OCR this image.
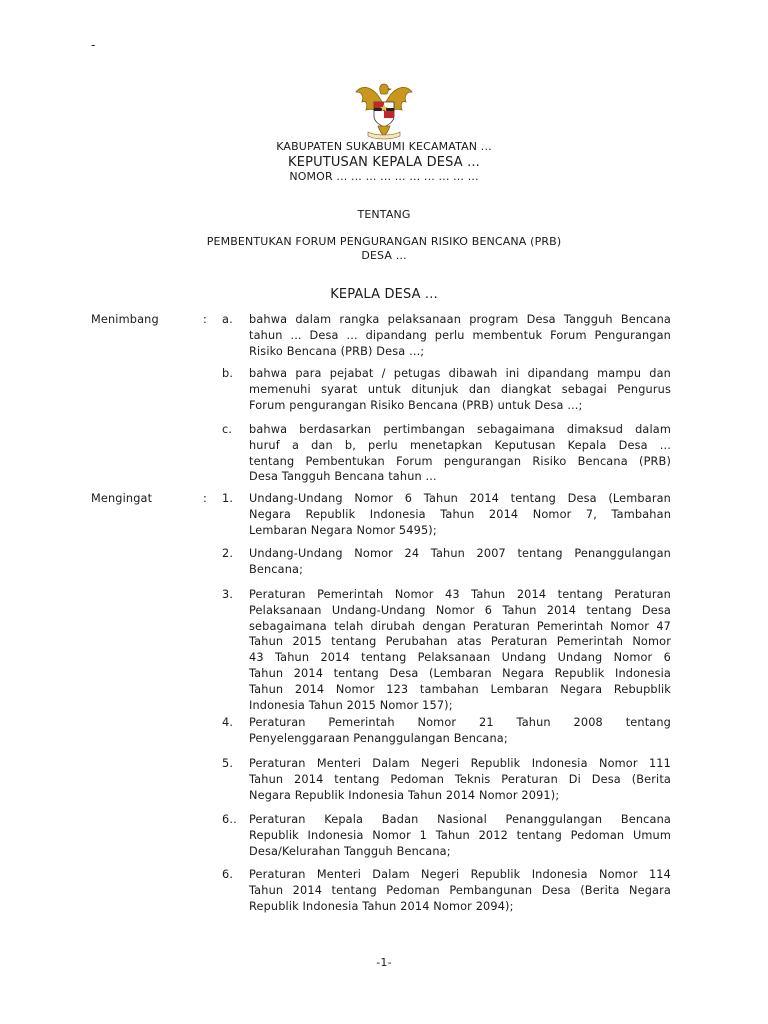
-
KABUPATEN SUKABUMI KECAMATAN ...
KEPUTUSAN KEPALA DESA ...
NOMOR ... ... ... ... ... ... ... ... ... ...
TENTANG
PEMBENTUKAN FORUM PENGURANGAN RISIKO BENCANA (PRB)
DESA ...
KEPALA DESA ...
Menimbang	: a. bahwa dalam rangka pelaksanaan program Desa Tangguh Bencana
tahun ... Desa ... dipandang perlu membentuk Forum Pengurangan
Risiko Bencana (PRB) Desa ...;
b. bahwa para pejabat / petugas dibawah ini dipandang mampu dan
memenuhi syarat untuk ditunjuk dan diangkat sebagai Pengurus
Forum pengurangan Risiko Bencana (PRB) untuk Desa ...;
c. bahwa berdasarkan pertimbangan sebagaimana dimaksud dalam
huruf a dan b, perlu menetapkan Keputusan Kepala Desa ...
tentang Pembentukan Forum pengurangan Risiko Bencana (PRB)
Desa Tangguh Bencana tahun ...
Mengingat	: 1. Undang-Undang Nomor 6 Tahun 2014 tentang Desa (Lembaran
Negara Republik Indonesia Tahun 2014 Nomor 7, Tambahan
Lembaran Negara Nomor 5495);
2. Undang-Undang Nomor 24 Tahun 2007 tentang Penanggulangan
Bencana;
3. Peraturan Pemerintah Nomor 43 Tahun 2014 tentang Peraturan
Pelaksanaan Undang-Undang Nomor 6 Tahun 2014 tentang Desa
sebagaimana telah dirubah dengan Peraturan Pemerintah Nomor 47
Tahun 2015 tentang Perubahan atas Peraturan Pemerintah Nomor
43 Tahun 2014 tentang Pelaksanaan Undang Undang Nomor 6
Tahun 2014 tentang Desa (Lembaran Negara Republik Indonesia
Tahun 2014 Nomor 123 tambahan Lembaran Negara Rebupblik
Indonesia Tahun 2015 Nomor 157);
4. Peraturan Pemerintah Nomor 21 Tahun 2008 tentang
Penyelenggaraan Penanggulangan Bencana;
5. Peraturan Menteri Dalam Negeri Republik Indonesia Nomor 111
Tahun 2014 tentang Pedoman Teknis Peraturan Di Desa (Berita
Negara Republik Indonesia Tahun 2014 Nomor 2091);
6.. Peraturan Kepala Badan Nasional Penanggulangan Bencana
Republik Indonesia Nomor 1 Tahun 2012 tentang Pedoman Umum
Desa/Kelurahan Tangguh Bencana;
6. Peraturan Menteri Dalam Negeri Republik Indonesia Nomor 114
Tahun 2014 tentang Pedoman Pembangunan Desa (Berita Negara
Republik Indonesia Tahun 2014 Nomor 2094);
-1-
